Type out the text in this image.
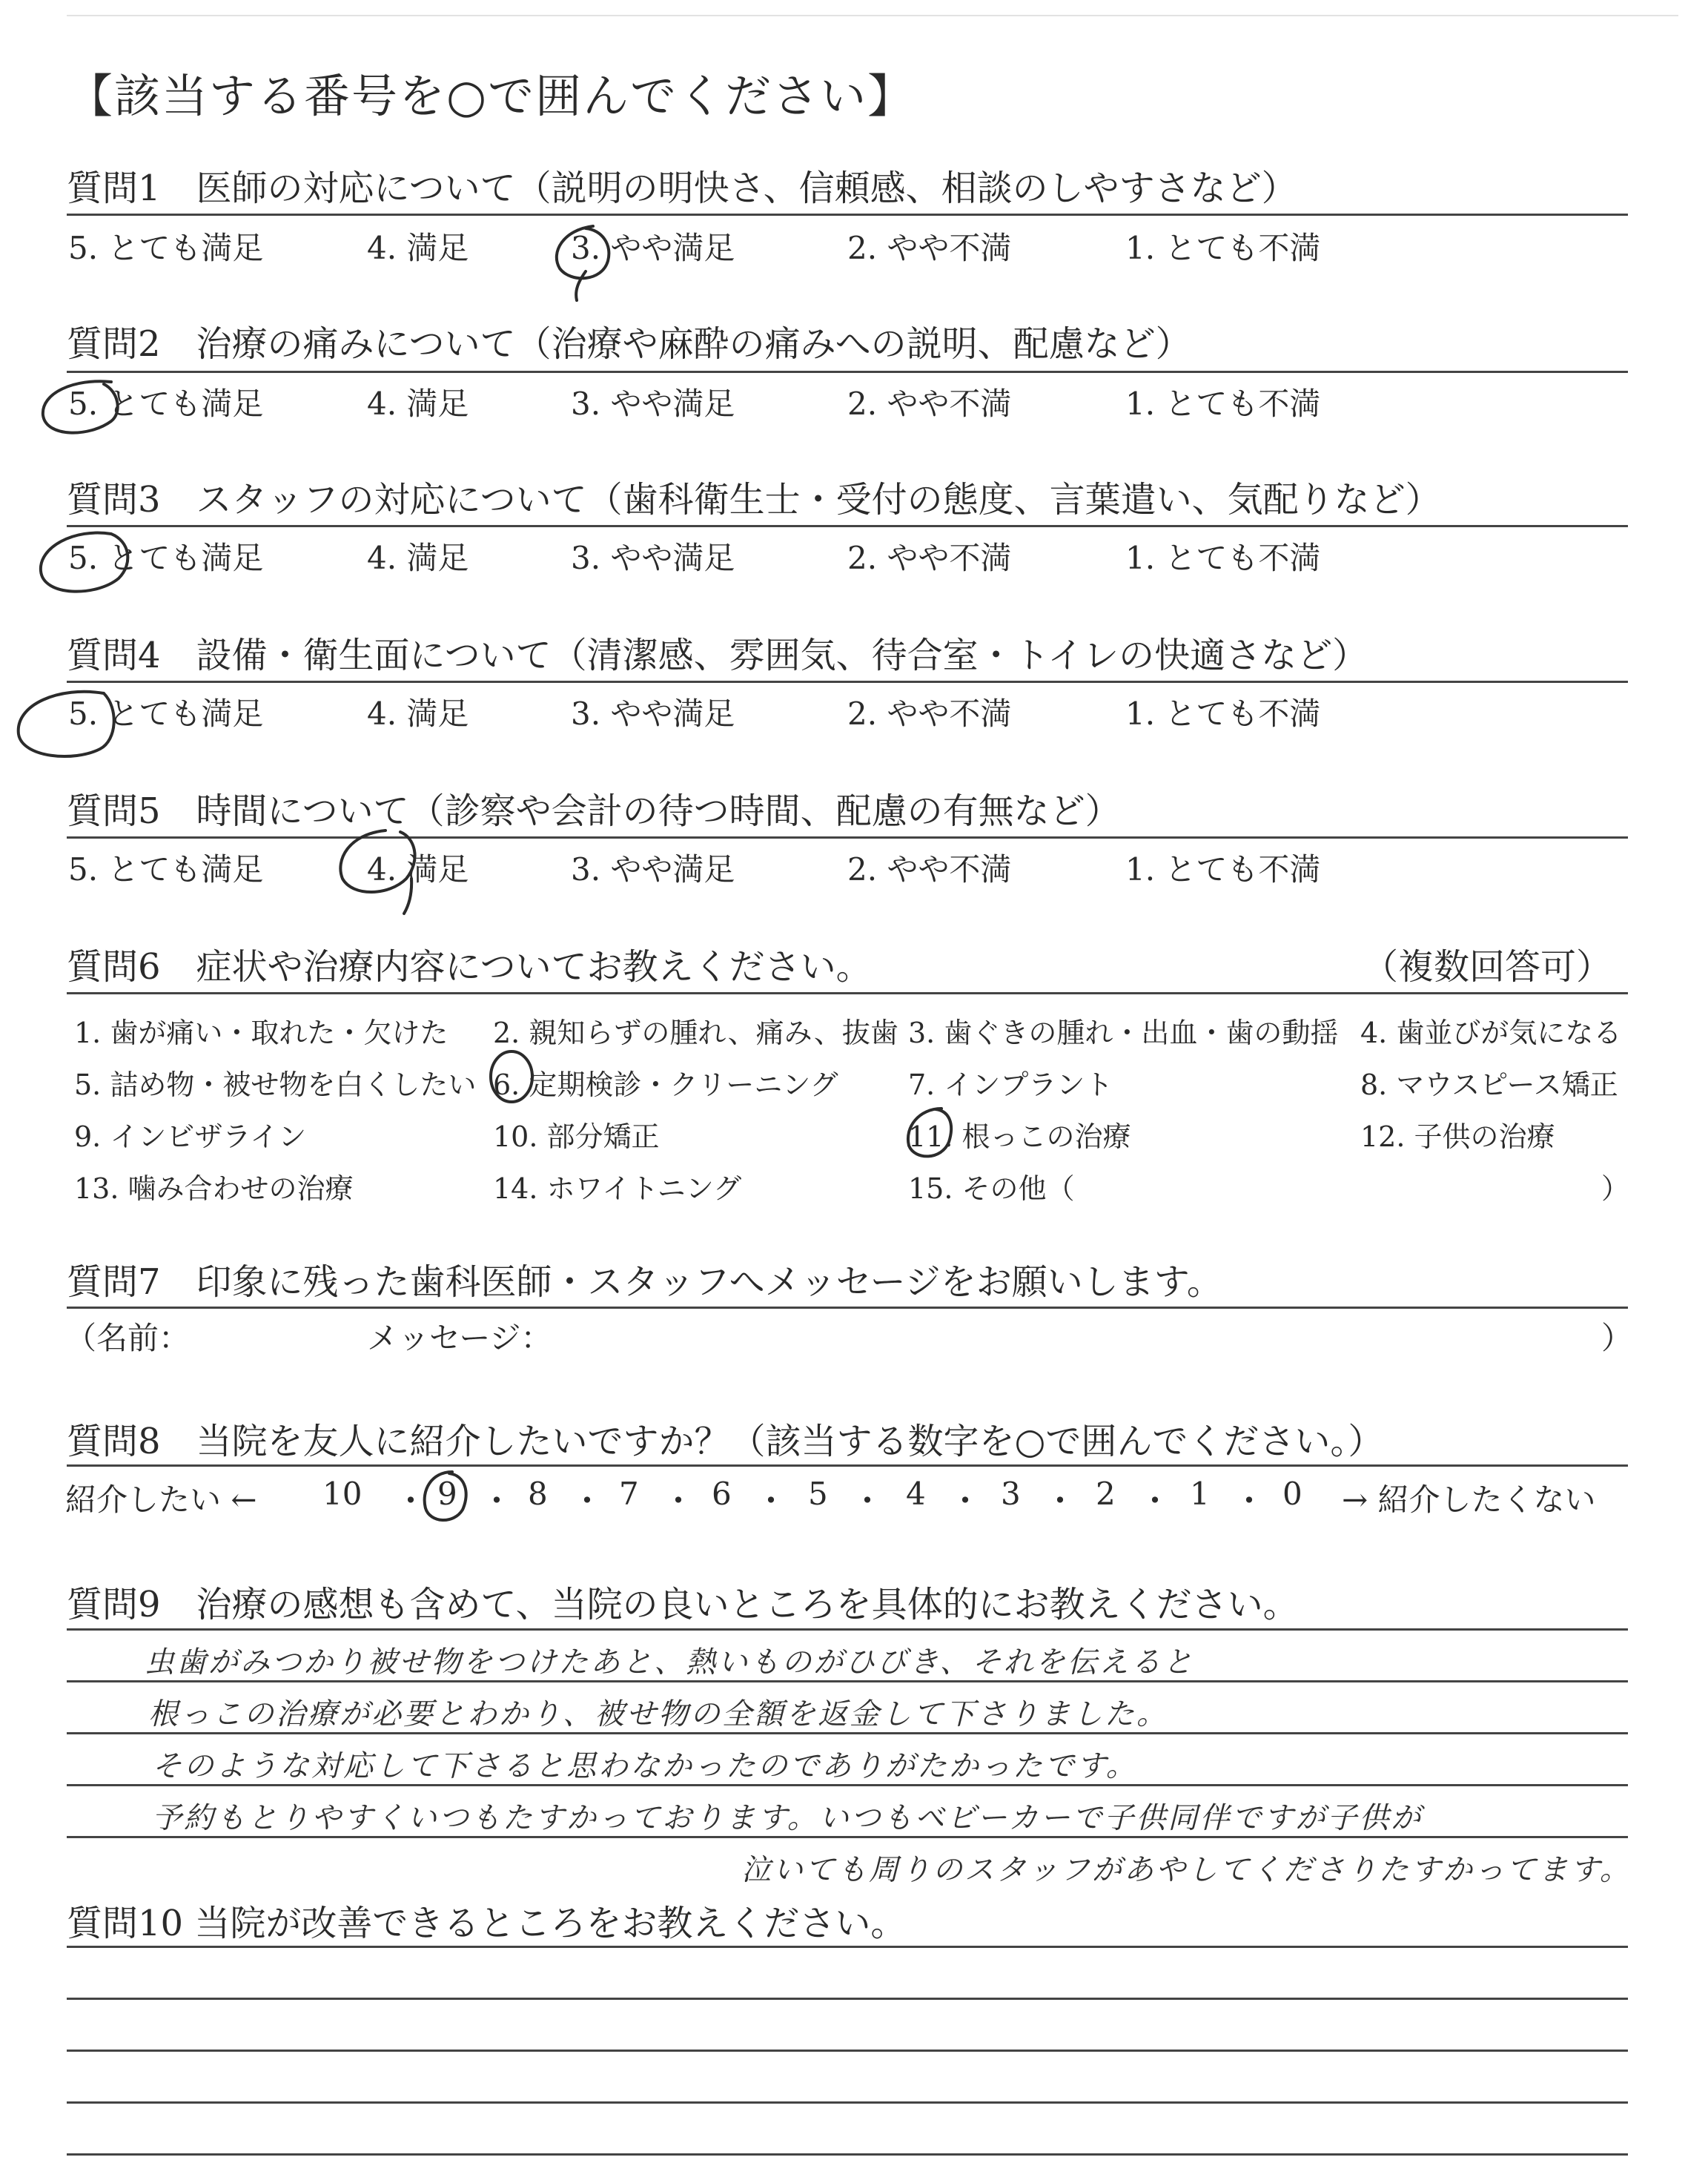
【該当する番号を○で囲んでください】
質問1　医師の対応について（説明の明快さ、信頼感、相談のしやすさなど）
5. とても満足	4. 満足	3. やや満足	2. やや不満	1. とても不満
質問2　治療の痛みについて（治療や麻酔の痛みへの説明、配慮など）
5. とても満足	4. 満足	3. やや満足	2. やや不満	1. とても不満
質問3　スタッフの対応について（歯科衛生士・受付の態度、言葉遣い、気配りなど）
5. とても満足	4. 満足	3. やや満足	2. やや不満	1. とても不満
質問4　設備・衛生面について（清潔感、雰囲気、待合室・トイレの快適さなど）
5. とても満足	4. 満足	3. やや満足	2. やや不満	1. とても不満
質問5　時間について（診察や会計の待つ時間、配慮の有無など）
5. とても満足	4. 満足	3. やや満足	2. やや不満	1. とても不満
質問6　症状や治療内容についてお教えください。	（複数回答可）
1. 歯が痛い・取れた・欠けた 2. 親知らずの腫れ、痛み、抜歯 3. 歯ぐきの腫れ・出血・歯の動揺 4. 歯並びが気になる
5. 詰め物・被せ物を白くしたい 6. 定期検診・クリーニング 7. インプラント	8. マウスピース矯正
9. インビザライン	10. 部分矯正	11. 根っこの治療	12. 子供の治療
13. 噛み合わせの治療	14. ホワイトニング	15. その他（	）
質問7　印象に残った歯科医師・スタッフへメッセージをお願いします。
（名前：	メッセージ：	）
質問8　当院を友人に紹介したいですか？（該当する数字を○で囲んでください。）
紹介したい ← 10 ・ 9 ・ 8 ・ 7 ・ 6 ・ 5 ・ 4 ・ 3 ・ 2 ・ 1 ・ 0 → 紹介したくない
質問9　治療の感想も含めて、当院の良いところを具体的にお教えください。
虫歯がみつかり被せ物をつけたあと、熱いものがひびき、それを伝えると
根っこの治療が必要とわかり、被せ物の全額を返金して下さりました。
そのような対応して下さると思わなかったのでありがたかったです。
予約もとりやすくいつもたすかっております。いつもベビーカーで子供同伴ですが子供が
泣いても周りのスタッフがあやしてくださりたすかってます。
質問10 当院が改善できるところをお教えください。
